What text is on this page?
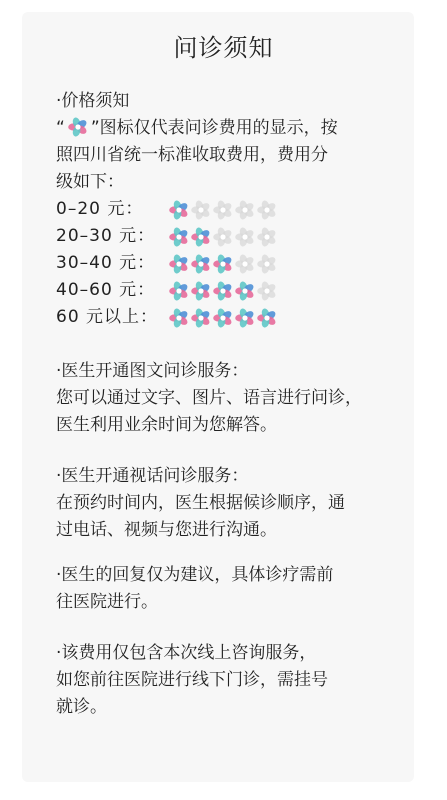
问诊须知
·价格须知
“ ”图标仅代表问诊费用的显示，按
照四川省统一标准收取费用，费用分
级如下：
0–20 元：
20–30 元：
30–40 元：
40–60 元：
60 元以上：
·医生开通图文问诊服务：
您可以通过文字、图片、语言进行问诊，
医生利用业余时间为您解答。
·医生开通视话问诊服务：
在预约时间内，医生根据候诊顺序，通
过电话、视频与您进行沟通。
·医生的回复仅为建议，具体诊疗需前
往医院进行。
·该费用仅包含本次线上咨询服务，
如您前往医院进行线下门诊，需挂号
就诊。
